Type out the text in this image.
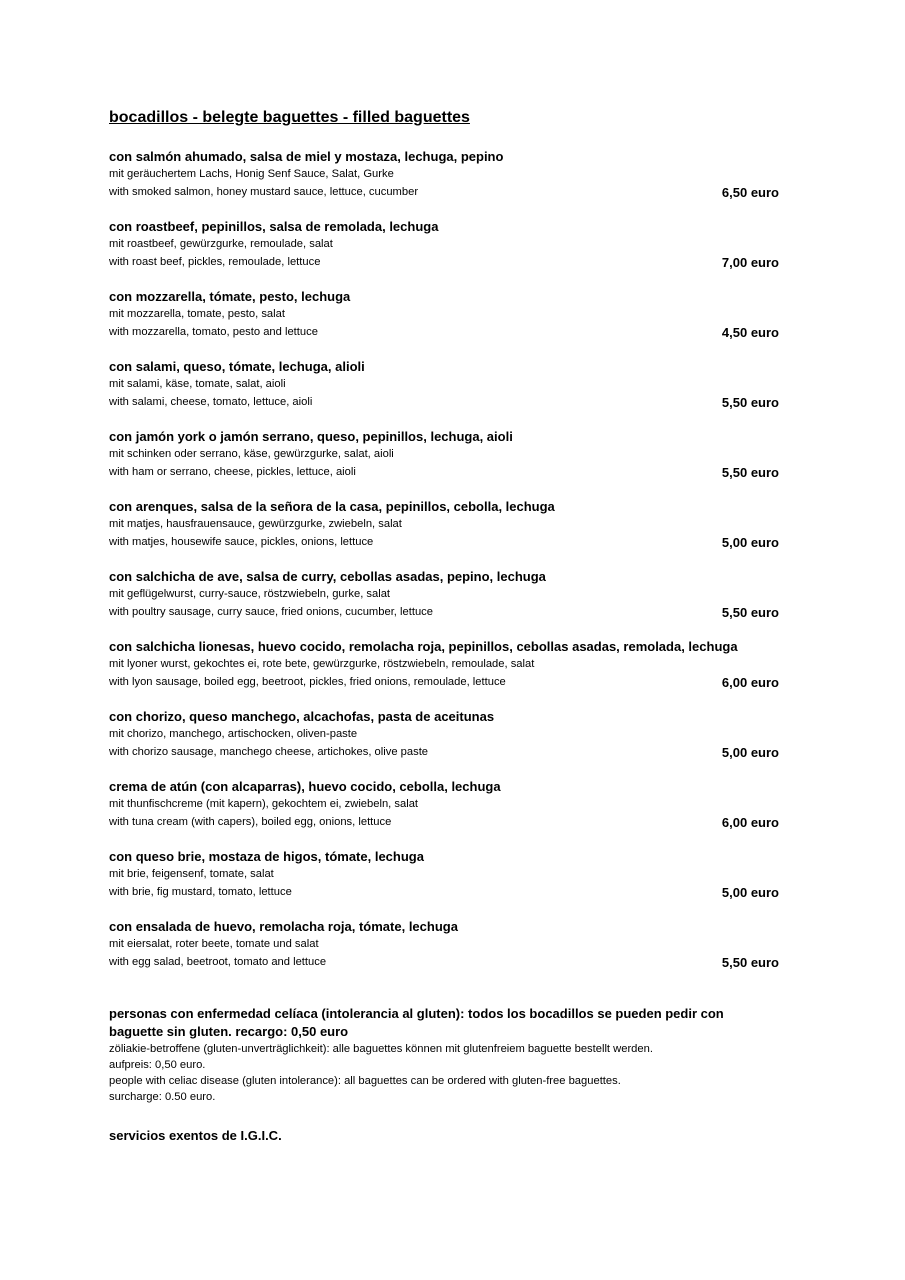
bocadillos - belegte baguettes - filled baguettes
con salmón ahumado, salsa de miel y mostaza, lechuga, pepino
mit geräuchertem Lachs, Honig Senf Sauce, Salat, Gurke
with smoked salmon, honey mustard sauce, lettuce, cucumber	6,50 euro
con roastbeef, pepinillos, salsa de remolada, lechuga
mit roastbeef, gewürzgurke, remoulade, salat
with roast beef, pickles, remoulade, lettuce	7,00 euro
con mozzarella, tómate, pesto, lechuga
mit mozzarella, tomate, pesto, salat
with mozzarella, tomato, pesto and lettuce	4,50 euro
con salami, queso, tómate, lechuga, alioli
mit salami, käse, tomate, salat, aioli
with salami, cheese, tomato, lettuce, aioli	5,50 euro
con jamón york o jamón serrano, queso, pepinillos, lechuga, aioli
mit schinken oder serrano, käse, gewürzgurke, salat, aioli
with ham or serrano, cheese, pickles, lettuce, aioli	5,50 euro
con arenques, salsa de la señora de la casa, pepinillos, cebolla, lechuga
mit matjes, hausfrauensauce, gewürzgurke, zwiebeln, salat
with matjes, housewife sauce, pickles, onions, lettuce	5,00 euro
con salchicha de ave, salsa de curry, cebollas asadas, pepino, lechuga
mit geflügelwurst, curry-sauce, röstzwiebeln, gurke, salat
with poultry sausage, curry sauce, fried onions, cucumber, lettuce	5,50 euro
con salchicha lionesas, huevo cocido, remolacha roja, pepinillos, cebollas asadas, remolada, lechuga
mit lyoner wurst, gekochtes ei, rote bete, gewürzgurke, röstzwiebeln, remoulade, salat
with lyon sausage, boiled egg, beetroot, pickles, fried onions, remoulade, lettuce	6,00 euro
con chorizo, queso manchego, alcachofas, pasta de aceitunas
mit chorizo, manchego, artischocken, oliven-paste
with chorizo sausage, manchego cheese, artichokes, olive paste	5,00 euro
crema de atún (con alcaparras), huevo cocido, cebolla, lechuga
mit thunfischcreme (mit kapern), gekochtem ei, zwiebeln, salat
with tuna cream (with capers), boiled egg, onions, lettuce	6,00 euro
con queso brie, mostaza de higos, tómate, lechuga
mit brie, feigensenf, tomate, salat
with brie, fig mustard, tomato, lettuce	5,00 euro
con ensalada de huevo, remolacha roja, tómate, lechuga
mit eiersalat, roter beete, tomate und salat
with egg salad, beetroot, tomato and lettuce	5,50 euro
personas con enfermedad celíaca (intolerancia al gluten): todos los bocadillos se pueden pedir con baguette sin gluten. recargo: 0,50 euro
zöliakie-betroffene (gluten-unverträglichkeit): alle baguettes können mit glutenfreiem baguette bestellt werden.
aufpreis: 0,50 euro.
people with celiac disease (gluten intolerance): all baguettes can be ordered with gluten-free baguettes.
surcharge: 0.50 euro.
servicios exentos de I.G.I.C.
